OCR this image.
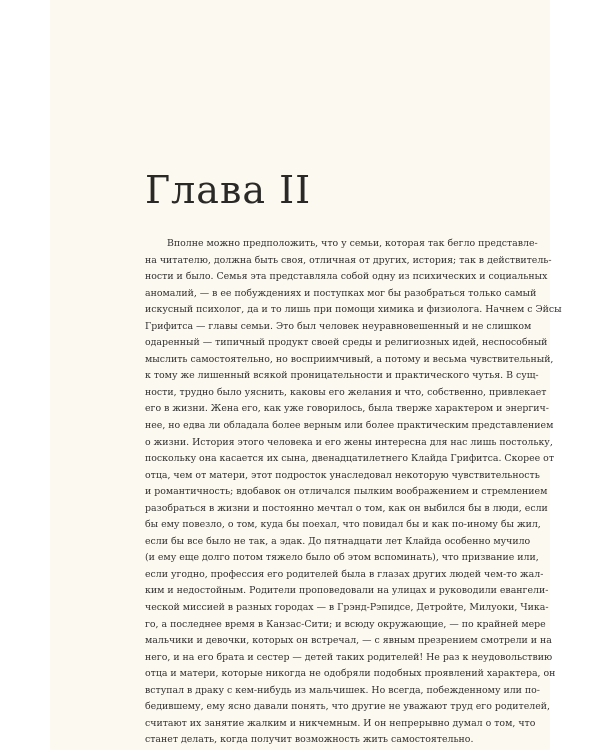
Глава II
Вполне можно предположить, что у семьи, которая так бегло представле-
на читателю, должна быть своя, отличная от других, история; так в действитель-
ности и было. Семья эта представляла собой одну из психических и социальных
аномалий, — в ее побуждениях и поступках мог бы разобраться только самый
искусный психолог, да и то лишь при помощи химика и физиолога. Начнем с Эйсы
Грифитса — главы семьи. Это был человек неуравновешенный и не слишком
одаренный — типичный продукт своей среды и религиозных идей, неспособный
мыслить самостоятельно, но восприимчивый, а потому и весьма чувствительный,
к тому же лишенный всякой проницательности и практического чутья. В сущ-
ности, трудно было уяснить, каковы его желания и что, собственно, привлекает
его в жизни. Жена его, как уже говорилось, была тверже характером и энергич-
нее, но едва ли обладала более верным или более практическим представлением
о жизни. История этого человека и его жены интересна для нас лишь постольку,
поскольку она касается их сына, двенадцатилетнего Клайда Грифитса. Скорее от
отца, чем от матери, этот подросток унаследовал некоторую чувствительность
и романтичность; вдобавок он отличался пылким воображением и стремлением
разобраться в жизни и постоянно мечтал о том, как он выбился бы в люди, если
бы ему повезло, о том, куда бы поехал, что повидал бы и как по-иному бы жил,
если бы все было не так, а эдак. До пятнадцати лет Клайда особенно мучило
(и ему еще долго потом тяжело было об этом вспоминать), что призвание или,
если угодно, профессия его родителей была в глазах других людей чем-то жал-
ким и недостойным. Родители проповедовали на улицах и руководили евангели-
ческой миссией в разных городах — в Грэнд-Рэпидсе, Детройте, Милуоки, Чика-
го, а последнее время в Канзас-Сити; и всюду окружающие, — по крайней мере
мальчики и девочки, которых он встречал, — с явным презрением смотрели и на
него, и на его брата и сестер — детей таких родителей! Не раз к неудовольствию
отца и матери, которые никогда не одобряли подобных проявлений характера, он
вступал в драку с кем-нибудь из мальчишек. Но всегда, побежденному или по-
бедившему, ему ясно давали понять, что другие не уважают труд его родителей,
считают их занятие жалким и никчемным. И он непрерывно думал о том, что
станет делать, когда получит возможность жить самостоятельно.
